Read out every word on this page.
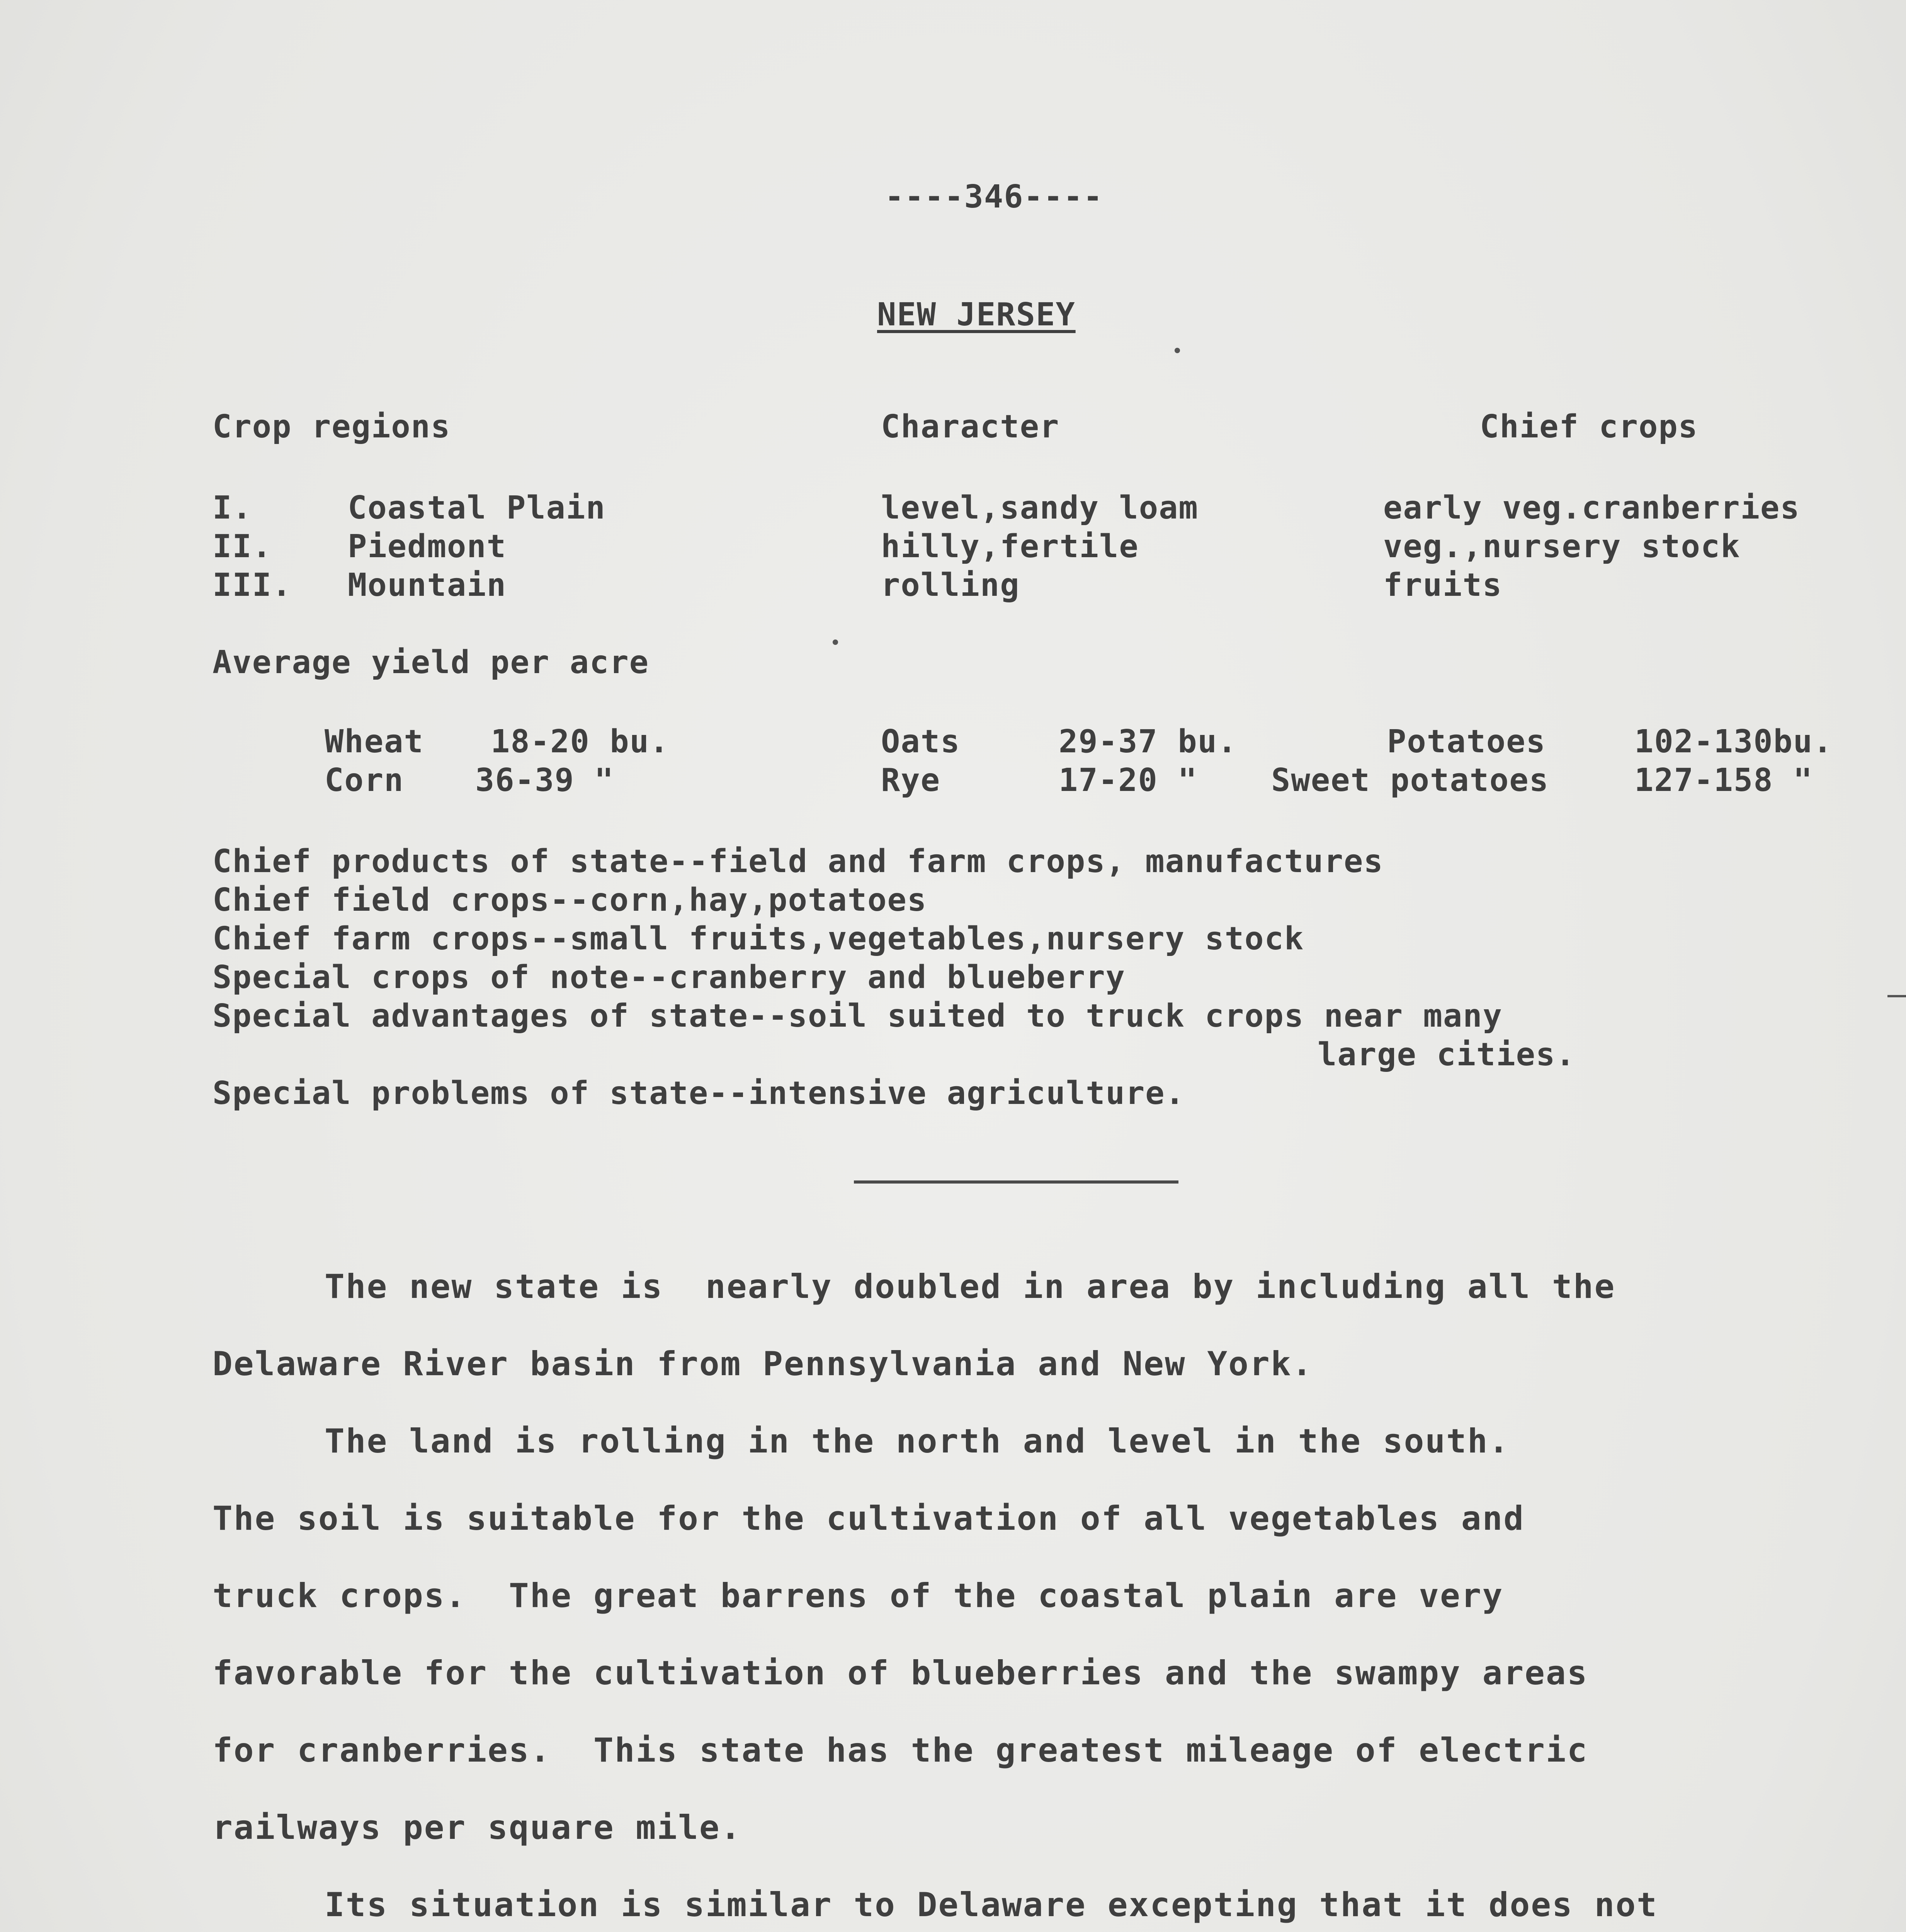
----346----
NEW JERSEY
Crop regions	Character	Chief crops
I.	Coastal Plain	level,sandy loam	early veg.cranberries
II. Piedmont	hilly,fertile	veg.,nursery stock
III. Mountain	rolling	fruits
Average yield per acre
Wheat 18-20 bu.	Oats	29-37 bu.	Potatoes	102-130bu.
Corn 36-39 "	Rye	17-20 " Sweet potatoes	127-158 "
Chief products of state--field and farm crops, manufactures
Chief field crops--corn,hay,potatoes
Chief farm crops--small fruits,vegetables,nursery stock
Special crops of note--cranberry and blueberry
Special advantages of state--soil suited to truck crops near many
large cities.
Special problems of state--intensive agriculture.
The new state is  nearly doubled in area by including all the
Delaware River basin from Pennsylvania and New York.
The land is rolling in the north and level in the south.
The soil is suitable for the cultivation of all vegetables and
truck crops.  The great barrens of the coastal plain are very
favorable for the cultivation of blueberries and the swampy areas
for cranberries.  This state has the greatest mileage of electric
railways per square mile.
Its situation is similar to Delaware excepting that it does not
